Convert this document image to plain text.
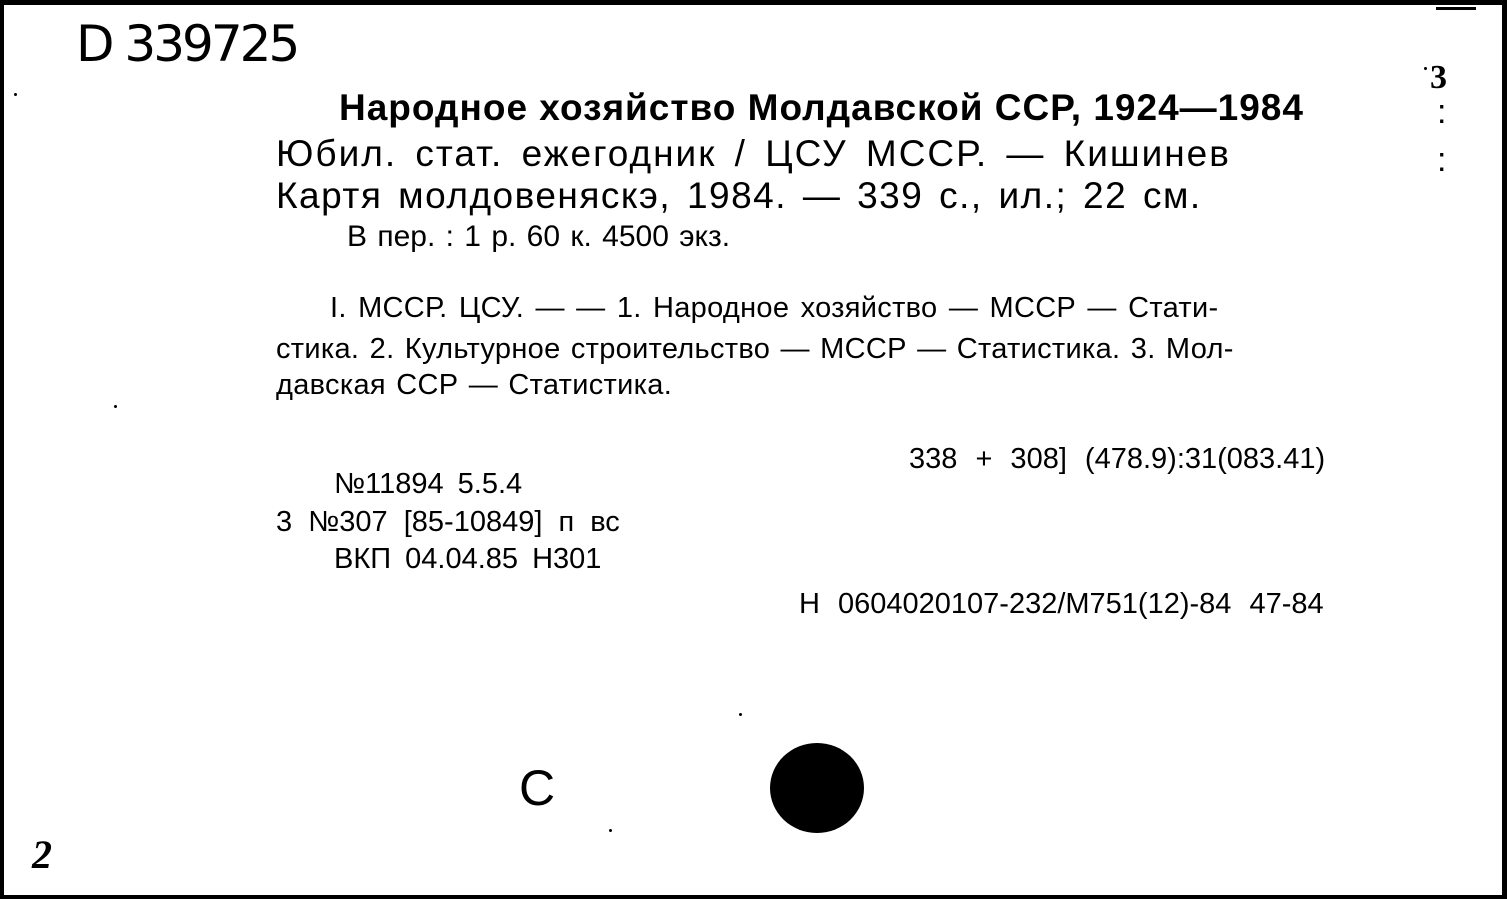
D 339725

3

Народное хозяйство Молдавской ССР, 1924—1984	:

Юбил. стат. ежегодник / ЦСУ МССР. — Кишинев	:

Картя молдовеняскэ, 1984. — 339 с., ил.; 22 см.

В пер. : 1 р. 60 к. 4500 экз.

I. МССР. ЦСУ. — — 1. Народное хозяйство — МССР — Стати-

стика. 2. Культурное строительство — МССР — Статистика. 3. Мол-

давская ССР — Статистика.

338 + 308] (478.9):31(083.41)

№11894 5.5.4

3 №307 [85-10849] п вс

ВКП 04.04.85 Н301

Н 0604020107-232/М751(12)-84 47-84

С

2
